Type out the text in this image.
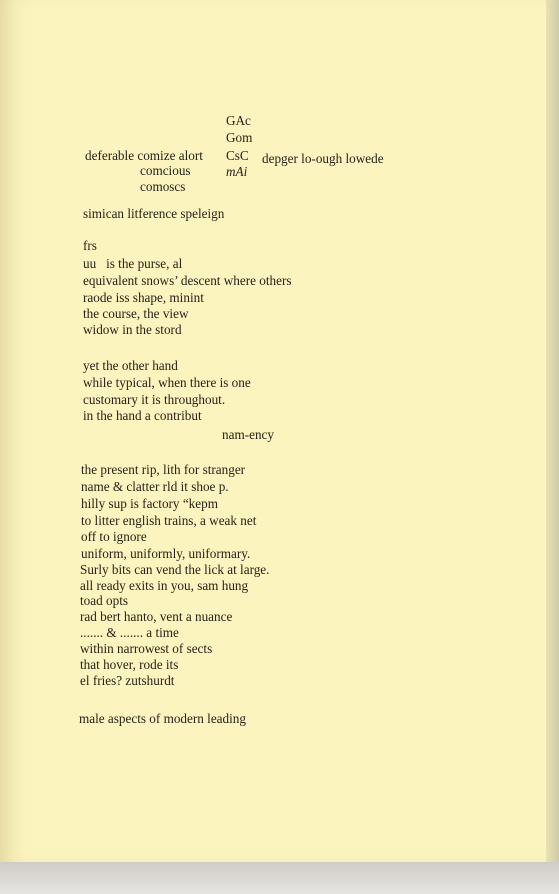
GAc
Gom
deferable comize alort CsC depger lo-ough lowede
comcious	mAi
comoscs
simican litference speleign
frs
uu   is the purse, al
equivalent snows’ descent where others
raode iss shape, minint
the course, the view
widow in the stord
yet the other hand
while typical, when there is one
customary it is throughout.
in the hand a contribut
nam-ency
the present rip, lith for stranger
name & clatter rld it shoe p.
hilly sup is factory “kepm
to litter english trains, a weak net
off to ignore
uniform, uniformly, uniformary.
Surly bits can vend the lick at large.
all ready exits in you, sam hung
toad opts
rad bert hanto, vent a nuance
....... & ....... a time
within narrowest of sects
that hover, rode its
el fries? zutshurdt
male aspects of modern leading
